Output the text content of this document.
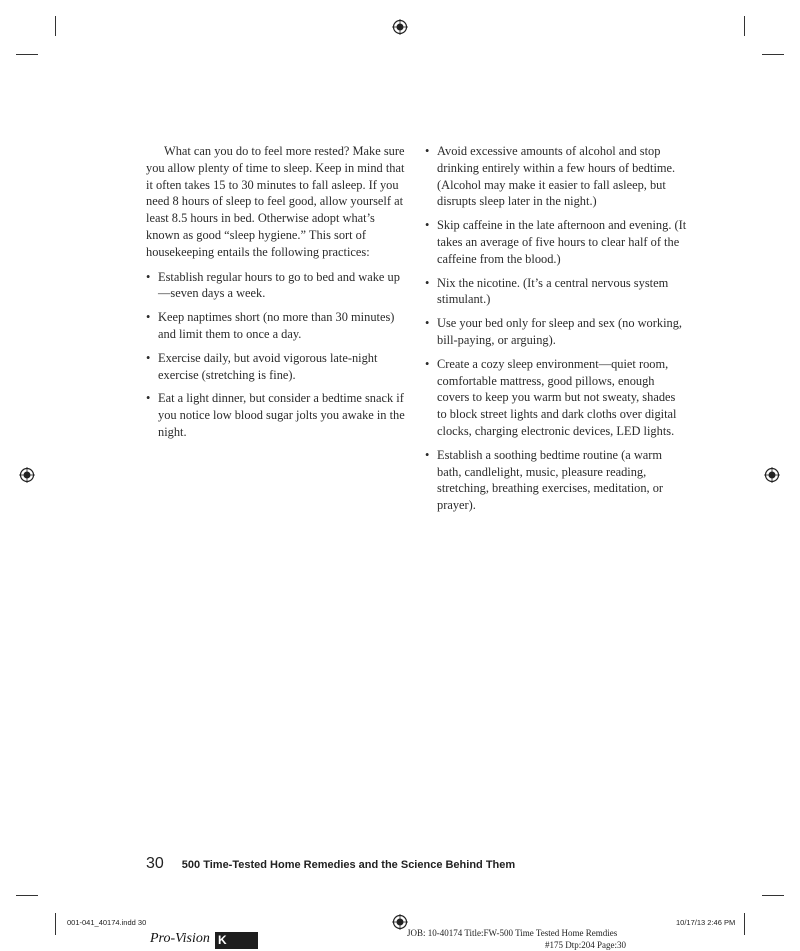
What can you do to feel more rested? Make sure you allow plenty of time to sleep. Keep in mind that it often takes 15 to 30 minutes to fall asleep. If you need 8 hours of sleep to feel good, allow yourself at least 8.5 hours in bed. Otherwise adopt what’s known as good “sleep hygiene.” This sort of housekeeping entails the following practices:

• Establish regular hours to go to bed and wake up—seven days a week.
• Keep naptimes short (no more than 30 minutes) and limit them to once a day.
• Exercise daily, but avoid vigorous late-night exercise (stretching is fine).
• Eat a light dinner, but consider a bedtime snack if you notice low blood sugar jolts you awake in the night.
• Avoid excessive amounts of alcohol and stop drinking entirely within a few hours of bedtime. (Alcohol may make it easier to fall asleep, but disrupts sleep later in the night.)
• Skip caffeine in the late afternoon and evening. (It takes an average of five hours to clear half of the caffeine from the blood.)
• Nix the nicotine. (It’s a central nervous system stimulant.)
• Use your bed only for sleep and sex (no working, bill-paying, or arguing).
• Create a cozy sleep environment—quiet room, comfortable mattress, good pillows, enough covers to keep you warm but not sweaty, shades to block street lights and dark cloths over digital clocks, charging electronic devices, LED lights.
• Establish a soothing bedtime routine (a warm bath, candlelight, music, pleasure reading, stretching, breathing exercises, meditation, or prayer).
30 500 Time-Tested Home Remedies and the Science Behind Them
001-041_40174.indd 30	10/17/13 2:46 PM
JOB: 10-40174 Title:FW-500 Time Tested Home Remdies
#175 Dtp:204 Page:30
Pro-Vision K
